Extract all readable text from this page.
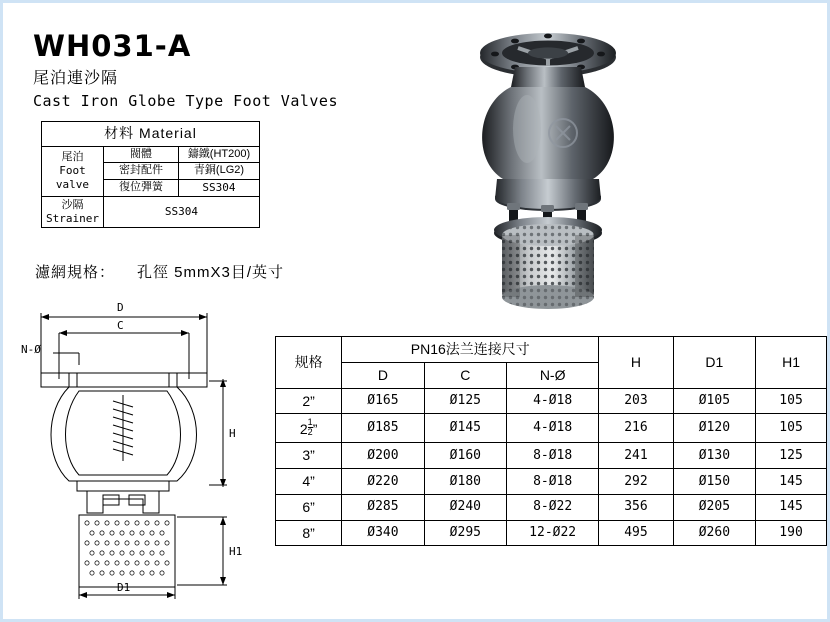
WH031-A
尾泊連沙隔
Cast Iron Globe Type Foot Valves
材料 Material		
尾泊
Foot
valve	閥體	鑄鐵(HT200)
	密封配件	青銅(LG2)
	復位彈簧	SS304
沙隔
Strainer	SS304	
濾網規格： 孔徑 5mmX3目/英寸
D
C
N-Ø
H
H1
D1
规格	PN16法兰连接尺寸			H	D1	H1
	D	C	N-Ø			
2”	Ø165	Ø125	4-Ø18	203	Ø105	105
$2 \frac{1}{2}$ ”	Ø185	Ø145	4-Ø18	216	Ø120	105
3”	Ø200	Ø160	8-Ø18	241	Ø130	125
4”	Ø220	Ø180	8-Ø18	292	Ø150	145
6”	Ø285	Ø240	8-Ø22	356	Ø205	145
8”	Ø340	Ø295	12-Ø22	495	Ø260	190
